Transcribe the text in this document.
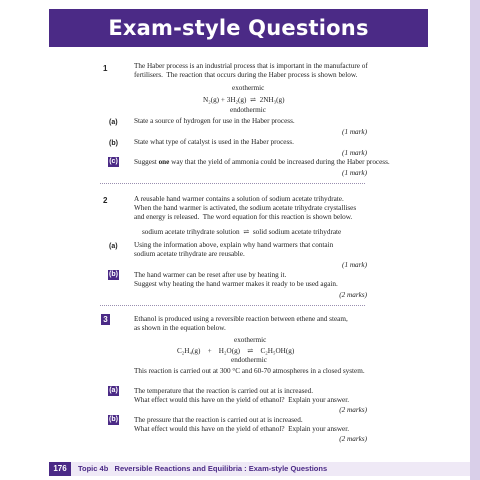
Exam-style Questions
1	The Haber process is an industrial process that is important in the manufacture of
fertilisers.  The reaction that occurs during the Haber process is shown below.
exothermic
N₂(g) + 3H₂(g)  ⇌  2NH₃(g)
endothermic
(a) State a source of hydrogen for use in the Haber process.
(1 mark)
(b) State what type of catalyst is used in the Haber process.
(1 mark)
(c) Suggest one way that the yield of ammonia could be increased during the Haber process.
(1 mark)
2	A reusable hand warmer contains a solution of sodium acetate trihydrate.
When the hand warmer is activated, the sodium acetate trihydrate crystallises
and energy is released.  The word equation for this reaction is shown below.
sodium acetate trihydrate solution  ⇌  solid sodium acetate trihydrate
(a) Using the information above, explain why hand warmers that contain
sodium acetate trihydrate are reusable.
(1 mark)
(b) The hand warmer can be reset after use by heating it.
Suggest why heating the hand warmer makes it ready to be used again.
(2 marks)
3	Ethanol is produced using a reversible reaction between ethene and steam,
as shown in the equation below.
exothermic
C₂H₄(g)    +    H₂O(g)    ⇌    C₂H₅OH(g)
endothermic
This reaction is carried out at 300 °C and 60-70 atmospheres in a closed system.
(a) The temperature that the reaction is carried out at is increased.
What effect would this have on the yield of ethanol?  Explain your answer.
(2 marks)
(b) The pressure that the reaction is carried out at is increased.
What effect would this have on the yield of ethanol?  Explain your answer.
(2 marks)
176	Topic 4b Reversible Reactions and Equilibria : Exam-style Questions
